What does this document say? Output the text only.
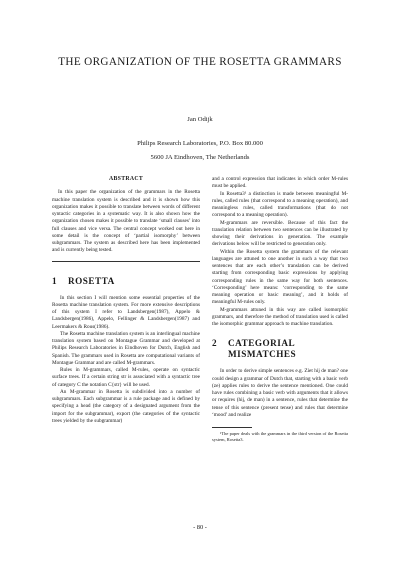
THE ORGANIZATION OF THE ROSETTA GRAMMARS
Jan Odijk
Philips Research Laboratories, P.O. Box 80.000
5600 JA Eindhoven, The Netherlands
ABSTRACT

In this paper the organization of the grammars in the Rosetta machine translation system is described and it is shown how this organization makes it possible to translate between words of different syntactic categories in a systematic way. It is also shown how the organization chosen makes it possible to translate ‘small clauses’ into full clauses and vice versa. The central concept worked out here in some detail is the concept of ‘partial isomorphy’ between subgrammars. The system as described here has been implemented and is currently being tested.

1 ROSETTA

In this section I will mention some essential properties of the Rosetta machine translation system. For more extensive descriptions of this system I refer to Landsbergen(1987), Appelo & Landsbergen(1986), Appelo, Fellinger & Landsbergen(1987) and Leermakers & Rous(1986).

The Rosetta machine translation system is an interlingual machine translation system based on Montague Grammar and developed at Philips Research Laboratories in Eindhoven for Dutch, English and Spanish. The grammars used in Rosetta are computational variants of Montague Grammar and are called M-grammars.

Rules in M-grammars, called M-rules, operate on syntactic surface trees. If a certain string str is associated with a syntactic tree of category C the notation C{str} will be used.

An M-grammar in Rosetta is subdivided into a number of subgrammars. Each subgrammar is a rule package and is defined by specifying a head (the category of a designated argument from the import for the subgrammar), export (the categories of the syntactic trees yielded by the subgrammar)

and a control expression that indicates in which order M-rules must be applied.

In Rosetta3¹ a distinction is made between meaningful M-rules, called rules (that correspond to a meaning operation), and meaningless rules, called transformations (that do not correspond to a meaning operation).

M-grammars are reversible. Because of this fact the translation relation between two sentences can be illustrated by showing their derivations in generation. The example derivations below will be restricted to generation only.

Within the Rosetta system the grammars of the relevant languages are attuned to one another in such a way that two sentences that are each other’s translation can be derived starting from corresponding basic expressions by applying corresponding rules in the same way for both sentences. ‘Corresponding’ here means: ‘corresponding to the same meaning operation or basic meaning’, and it holds of meaningful M-rules only.

M-grammars attuned in this way are called isomorphic grammars, and therefore the method of translation used is called the isomorphic grammar approach to machine translation.

2 CATEGORIAL
MISMATCHES

In order to derive simple sentences e.g. Ziet hij de man? one could design a grammar of Dutch that, starting with a basic verb (ze) applies rules to derive the sentence mentioned. One could have rules combining a basic verb with arguments that it allows or requires (hij, de man) in a sentence, rules that determine the tense of this sentence (present tense) and rules that determine ‘mood’ and realize

¹The paper deals with the grammars in the third version of the Rosetta system, Rosetta3.

- 80 -
